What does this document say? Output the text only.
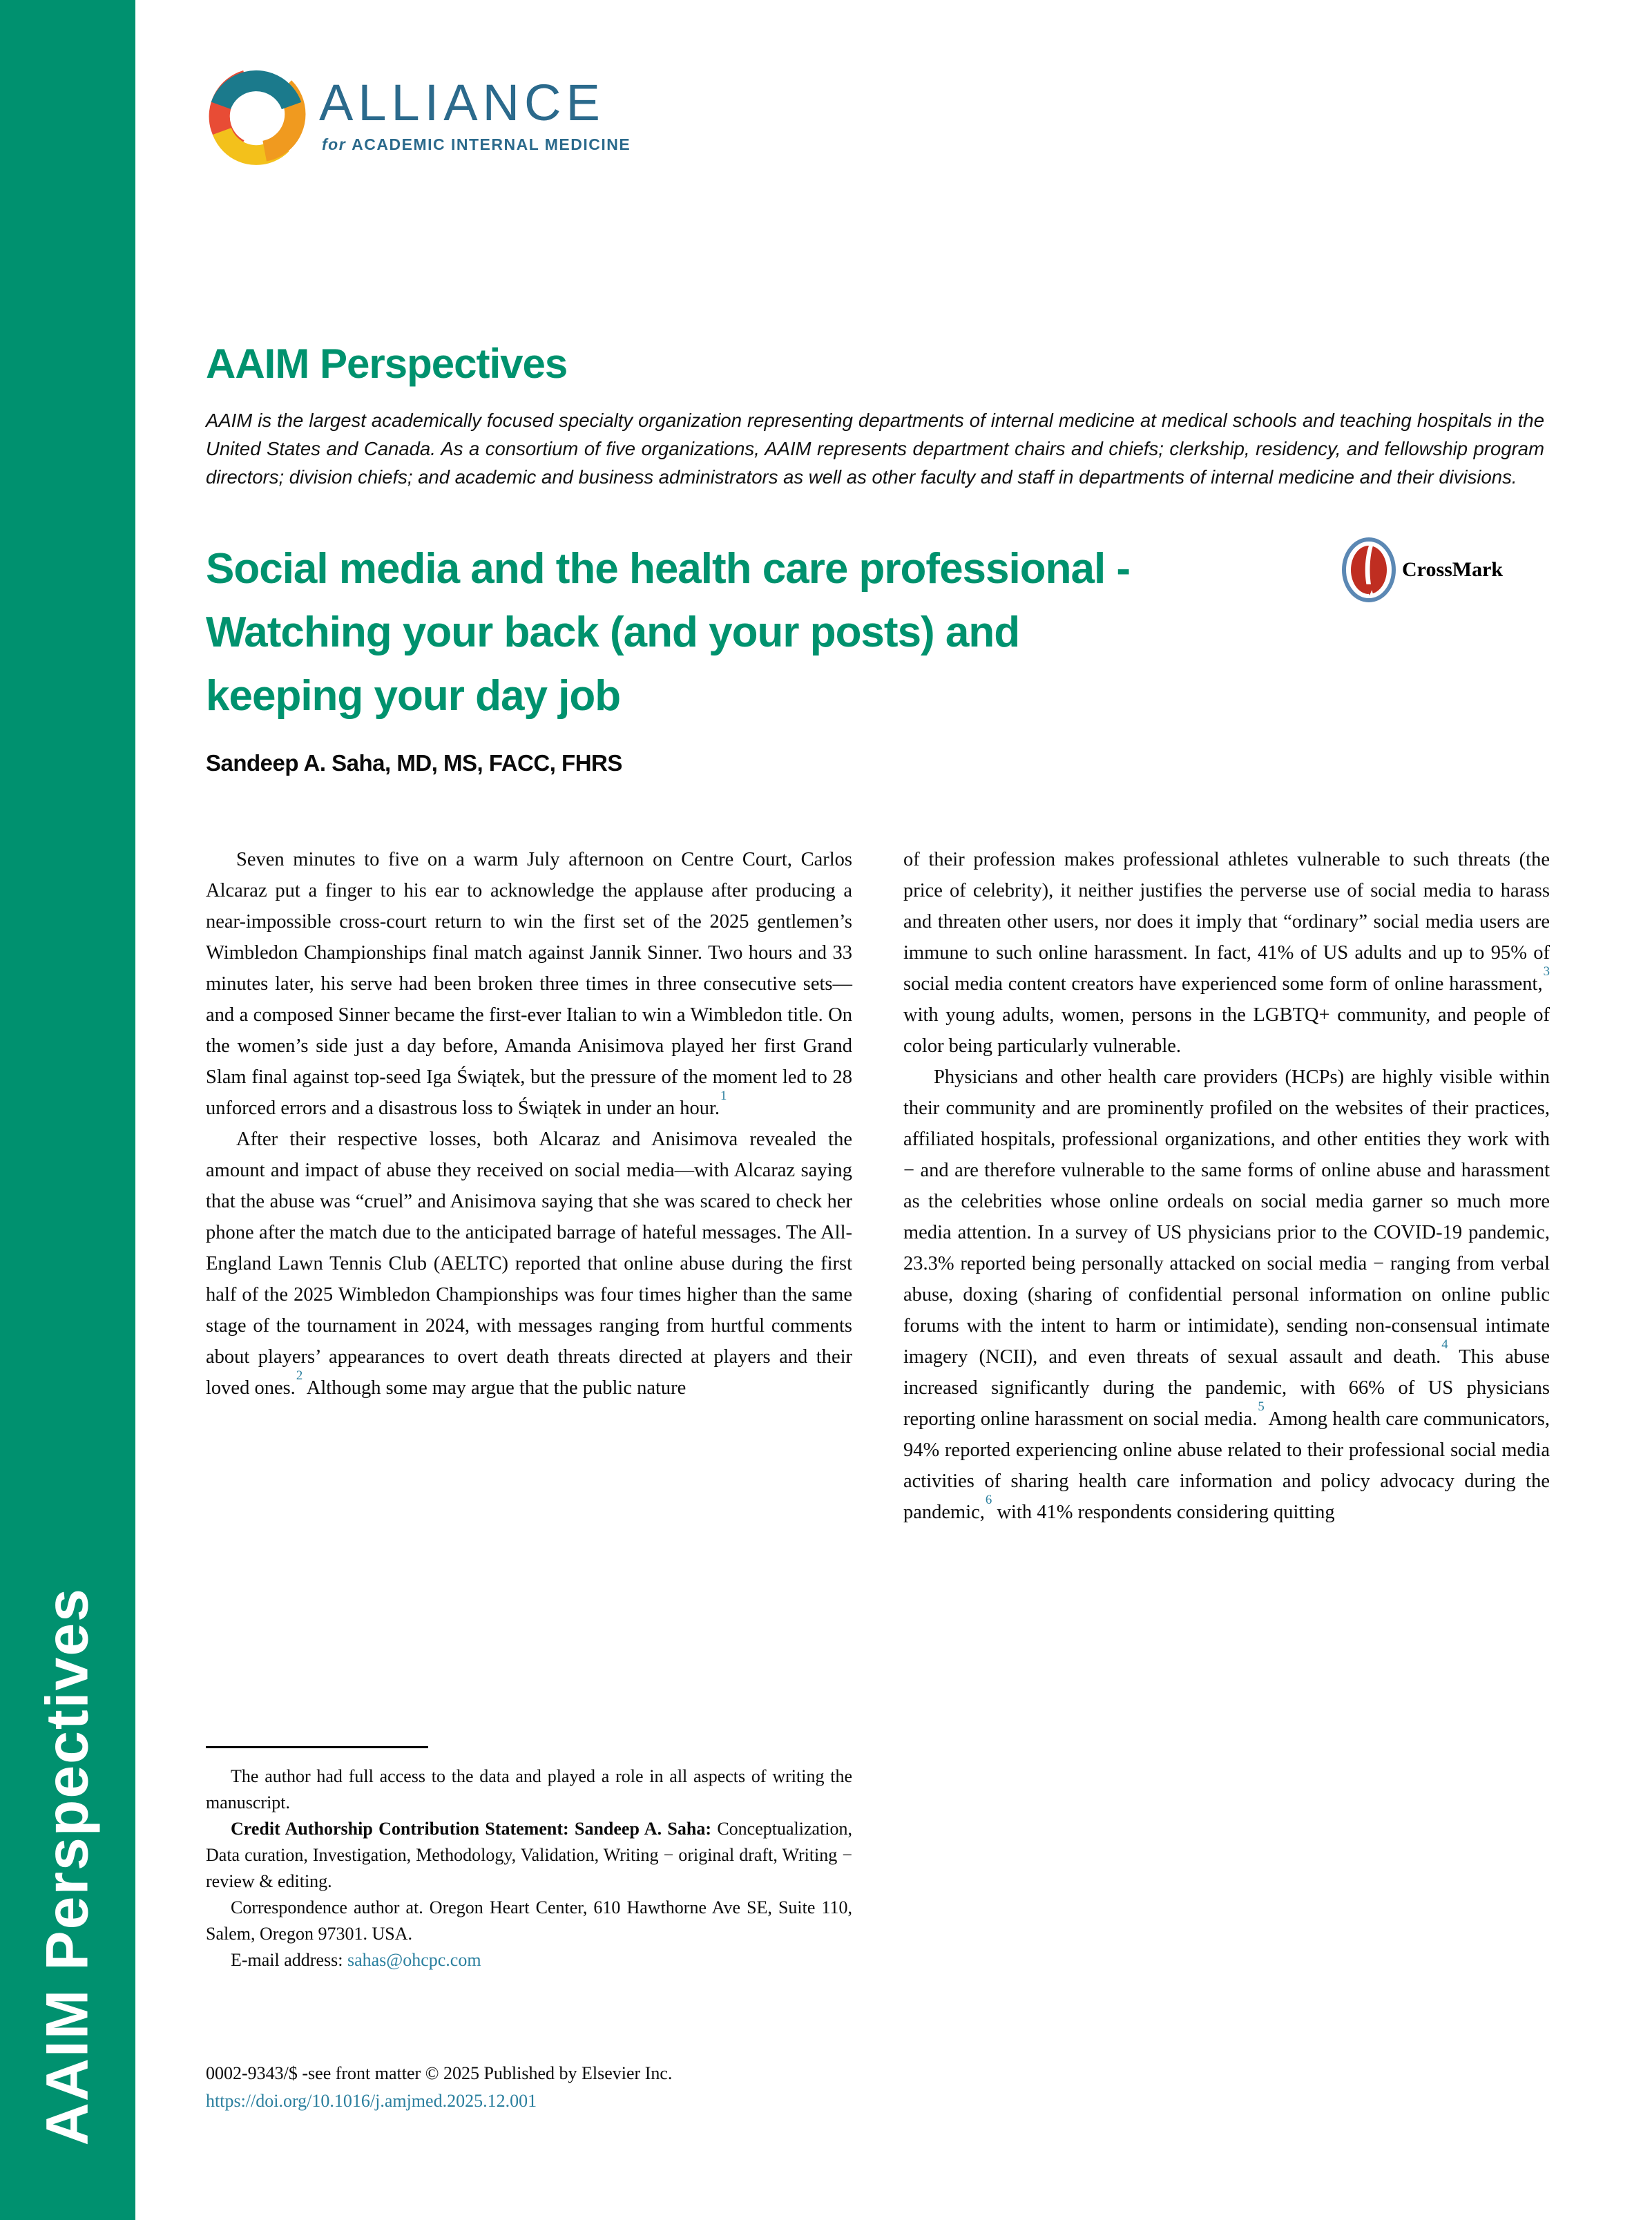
AAIM Perspectives
ALLIANCE
for ACADEMIC INTERNAL MEDICINE
AAIM Perspectives

AAIM is the largest academically focused specialty organization representing departments of internal medicine at medical schools and teaching hospitals in the United States and Canada. As a consortium of five organizations, AAIM represents department chairs and chiefs; clerkship, residency, and fellowship program directors; division chiefs; and academic and business administrators as well as other faculty and staff in departments of internal medicine and their divisions.

Social media and the health care professional -
Watching your back (and your posts) and
keeping your day job
CrossMark
Sandeep A. Saha, MD, MS, FACC, FHRS

Seven minutes to five on a warm July afternoon on Centre Court, Carlos Alcaraz put a finger to his ear to acknowledge the applause after producing a near-impossible cross-court return to win the first set of the 2025 gentlemen’s Wimbledon Championships final match against Jannik Sinner. Two hours and 33 minutes later, his serve had been broken three times in three consecutive sets—and a composed Sinner became the first-ever Italian to win a Wimbledon title. On the women’s side just a day before, Amanda Anisimova played her first Grand Slam final against top-seed Iga Świątek, but the pressure of the moment led to 28 unforced errors and a disastrous loss to Świątek in under an hour.$^1$

After their respective losses, both Alcaraz and Anisimova revealed the amount and impact of abuse they received on social media—with Alcaraz saying that the abuse was “cruel” and Anisimova saying that she was scared to check her phone after the match due to the anticipated barrage of hateful messages. The All-England Lawn Tennis Club (AELTC) reported that online abuse during the first half of the 2025 Wimbledon Championships was four times higher than the same stage of the tournament in 2024, with messages ranging from hurtful comments about players’ appearances to overt death threats directed at players and their loved ones.$^2$ Although some may argue that the public nature

of their profession makes professional athletes vulnerable to such threats (the price of celebrity), it neither justifies the perverse use of social media to harass and threaten other users, nor does it imply that “ordinary” social media users are immune to such online harassment. In fact, 41% of US adults and up to 95% of social media content creators have experienced some form of online harassment,$^3$ with young adults, women, persons in the LGBTQ+ community, and people of color being particularly vulnerable.

Physicians and other health care providers (HCPs) are highly visible within their community and are prominently profiled on the websites of their practices, affiliated hospitals, professional organizations, and other entities they work with − and are therefore vulnerable to the same forms of online abuse and harassment as the celebrities whose online ordeals on social media garner so much more media attention. In a survey of US physicians prior to the COVID-19 pandemic, 23.3% reported being personally attacked on social media − ranging from verbal abuse, doxing (sharing of confidential personal information on online public forums with the intent to harm or intimidate), sending non-consensual intimate imagery (NCII), and even threats of sexual assault and death.$^4$ This abuse increased significantly during the pandemic, with 66% of US physicians reporting online harassment on social media.$^5$ Among health care communicators, 94% reported experiencing online abuse related to their professional social media activities of sharing health care information and policy advocacy during the pandemic,$^6$ with 41% respondents considering quitting

The author had full access to the data and played a role in all aspects of writing the manuscript.

Credit Authorship Contribution Statement: Sandeep A. Saha: Conceptualization, Data curation, Investigation, Methodology, Validation, Writing − original draft, Writing − review & editing.

Correspondence author at. Oregon Heart Center, 610 Hawthorne Ave SE, Suite 110, Salem, Oregon 97301. USA.

E-mail address: sahas@ohcpc.com

0002-9343/$ -see front matter © 2025 Published by Elsevier Inc.
https://doi.org/10.1016/j.amjmed.2025.12.001
